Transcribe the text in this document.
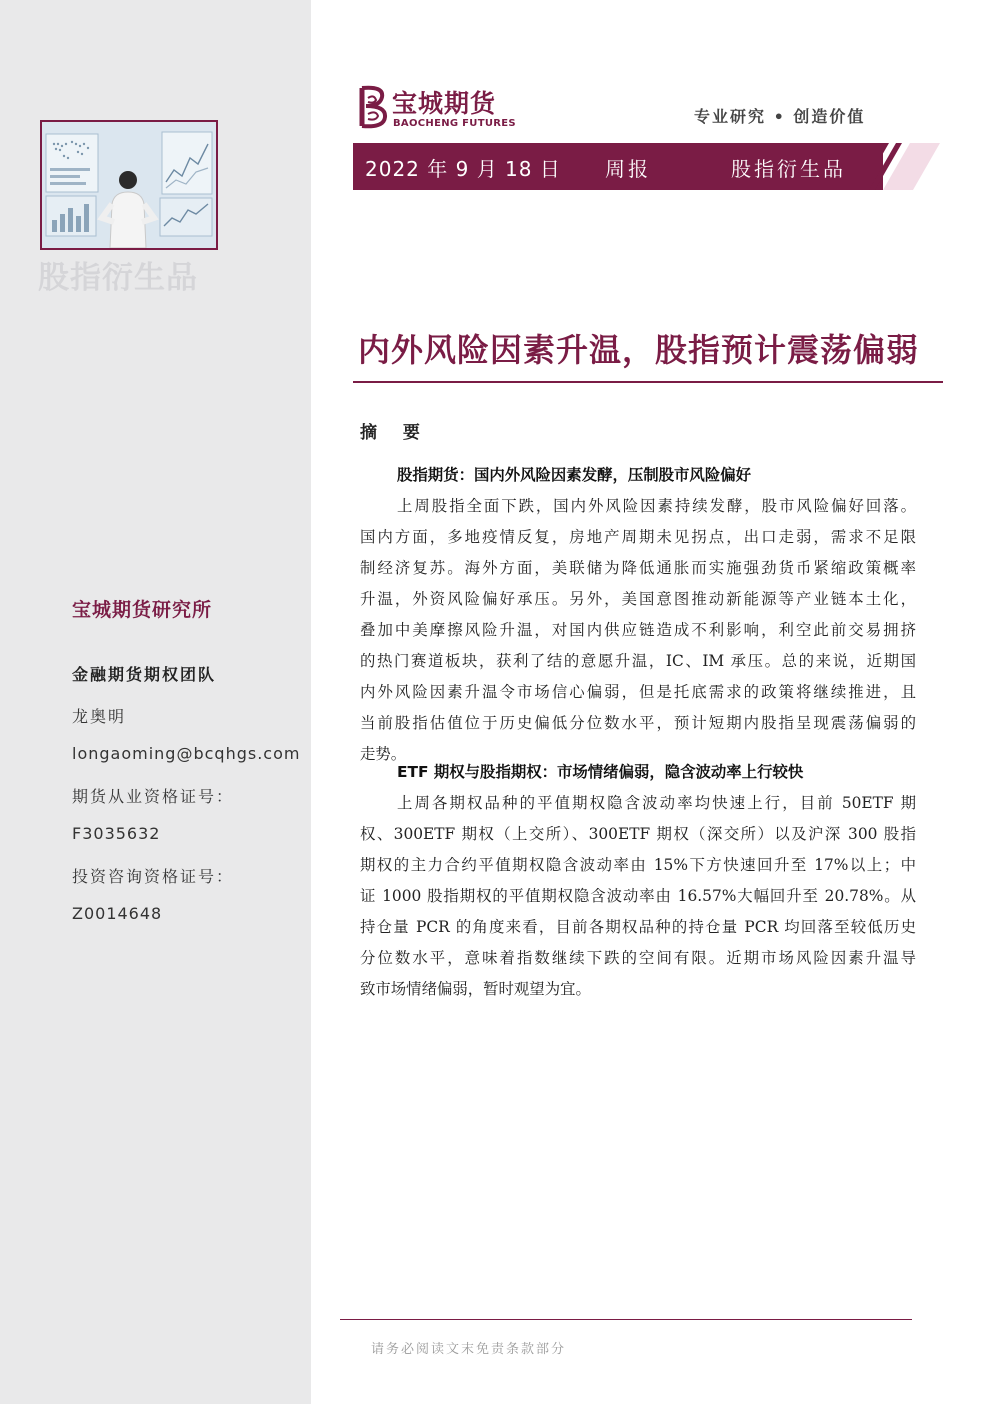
股指衍生品
宝城期货研究所
金融期货期权团队
龙奥明
longaoming@bcqhgs.com
期货从业资格证号：
F3035632
投资咨询资格证号：
Z0014648
宝城期货
BAOCHENG FUTURES	专业研究 • 创造价值
2022 年 9 月 18 日 周报	股指衍生品
内外风险因素升温，股指预计震荡偏弱
摘 要
股指期货：国内外风险因素发酵，压制股市风险偏好
上周股指全面下跌，国内外风险因素持续发酵，股市风险偏好回落。
国内方面，多地疫情反复，房地产周期未见拐点，出口走弱，需求不足限
制经济复苏。海外方面，美联储为降低通胀而实施强劲货币紧缩政策概率
升温，外资风险偏好承压。另外，美国意图推动新能源等产业链本土化，
叠加中美摩擦风险升温，对国内供应链造成不利影响，利空此前交易拥挤
的热门赛道板块，获利了结的意愿升温，IC、IM 承压。总的来说，近期国
内外风险因素升温令市场信心偏弱，但是托底需求的政策将继续推进，且
当前股指估值位于历史偏低分位数水平，预计短期内股指呈现震荡偏弱的
走势。
ETF 期权与股指期权：市场情绪偏弱，隐含波动率上行较快
上周各期权品种的平值期权隐含波动率均快速上行，目前 50ETF 期
权、300ETF 期权（上交所）、300ETF 期权（深交所）以及沪深 300 股指
期权的主力合约平值期权隐含波动率由 15%下方快速回升至 17%以上；中
证 1000 股指期权的平值期权隐含波动率由 16.57%大幅回升至 20.78%。从
持仓量 PCR 的角度来看，目前各期权品种的持仓量 PCR 均回落至较低历史
分位数水平，意味着指数继续下跌的空间有限。近期市场风险因素升温导
致市场情绪偏弱，暂时观望为宜。
请务必阅读文末免责条款部分
